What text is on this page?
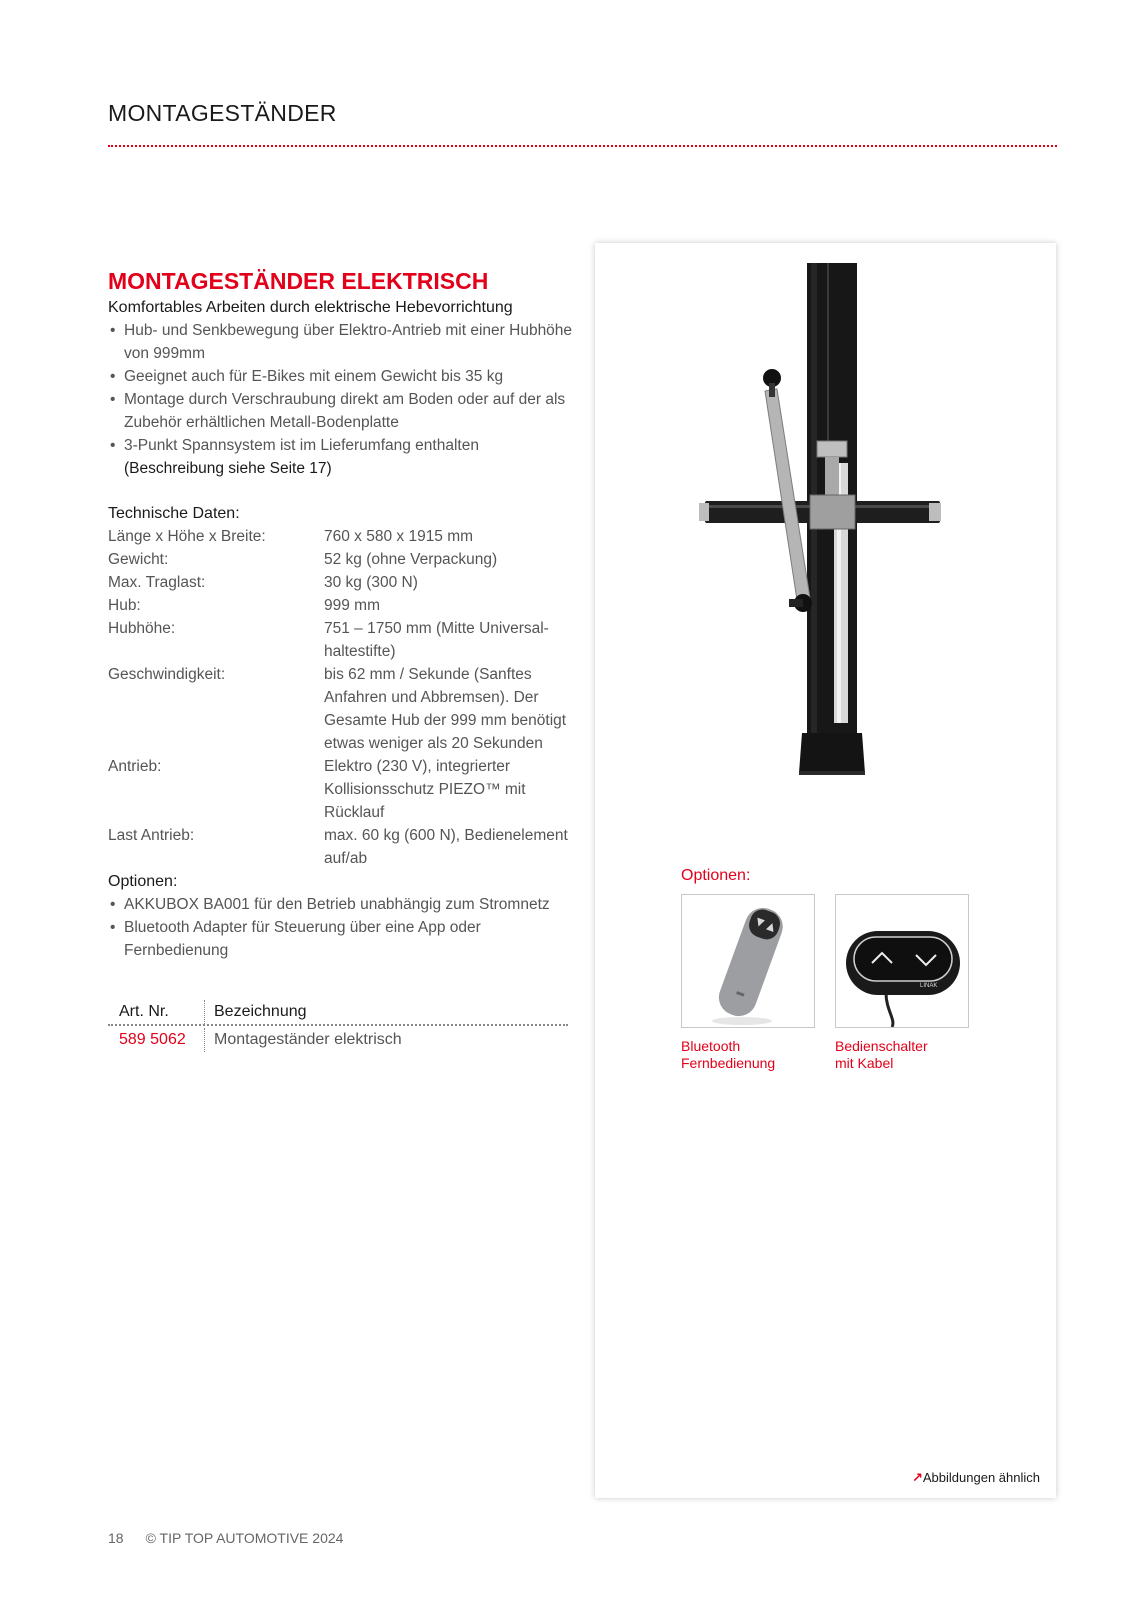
MONTAGESTÄNDER
MONTAGESTÄNDER ELEKTRISCH
Komfortables Arbeiten durch elektrische Hebevorrichtung
• Hub- und Senkbewegung über Elektro-Antrieb mit einer Hubhöhe von 999mm
• Geeignet auch für E-Bikes mit einem Gewicht bis 35 kg
• Montage durch Verschraubung direkt am Boden oder auf der als Zubehör erhältlichen Metall-Bodenplatte
• 3-Punkt Spannsystem ist im Lieferumfang enthalten
(Beschreibung siehe Seite 17)
Technische Daten:
Länge x Höhe x Breite:	760 x 580 x 1915 mm
Gewicht:	52 kg (ohne Verpackung)
Max. Traglast:	30 kg (300 N)
Hub:	999 mm
Hubhöhe:	751 – 1750 mm (Mitte Universal-haltestifte)
Geschwindigkeit:	bis 62 mm / Sekunde (Sanftes Anfahren und Abbremsen). Der Gesamte Hub der 999 mm benötigt etwas weniger als 20 Sekunden
Antrieb:	Elektro (230 V), integrierter Kollisionsschutz PIEZO™ mit Rücklauf
Last Antrieb:	max. 60 kg (600 N), Bedienelement auf/ab
Optionen:
• AKKUBOX BA001 für den Betrieb unabhängig zum Stromnetz
• Bluetooth Adapter für Steuerung über eine App oder Fernbedienung
Art. Nr.	Bezeichnung
589 5062	Montageständer elektrisch
Optionen:
LINAK
Bluetooth
Fernbedienung
Bedienschalter
mit Kabel
↗Abbildungen ähnlich
18 © TIP TOP AUTOMOTIVE 2024
